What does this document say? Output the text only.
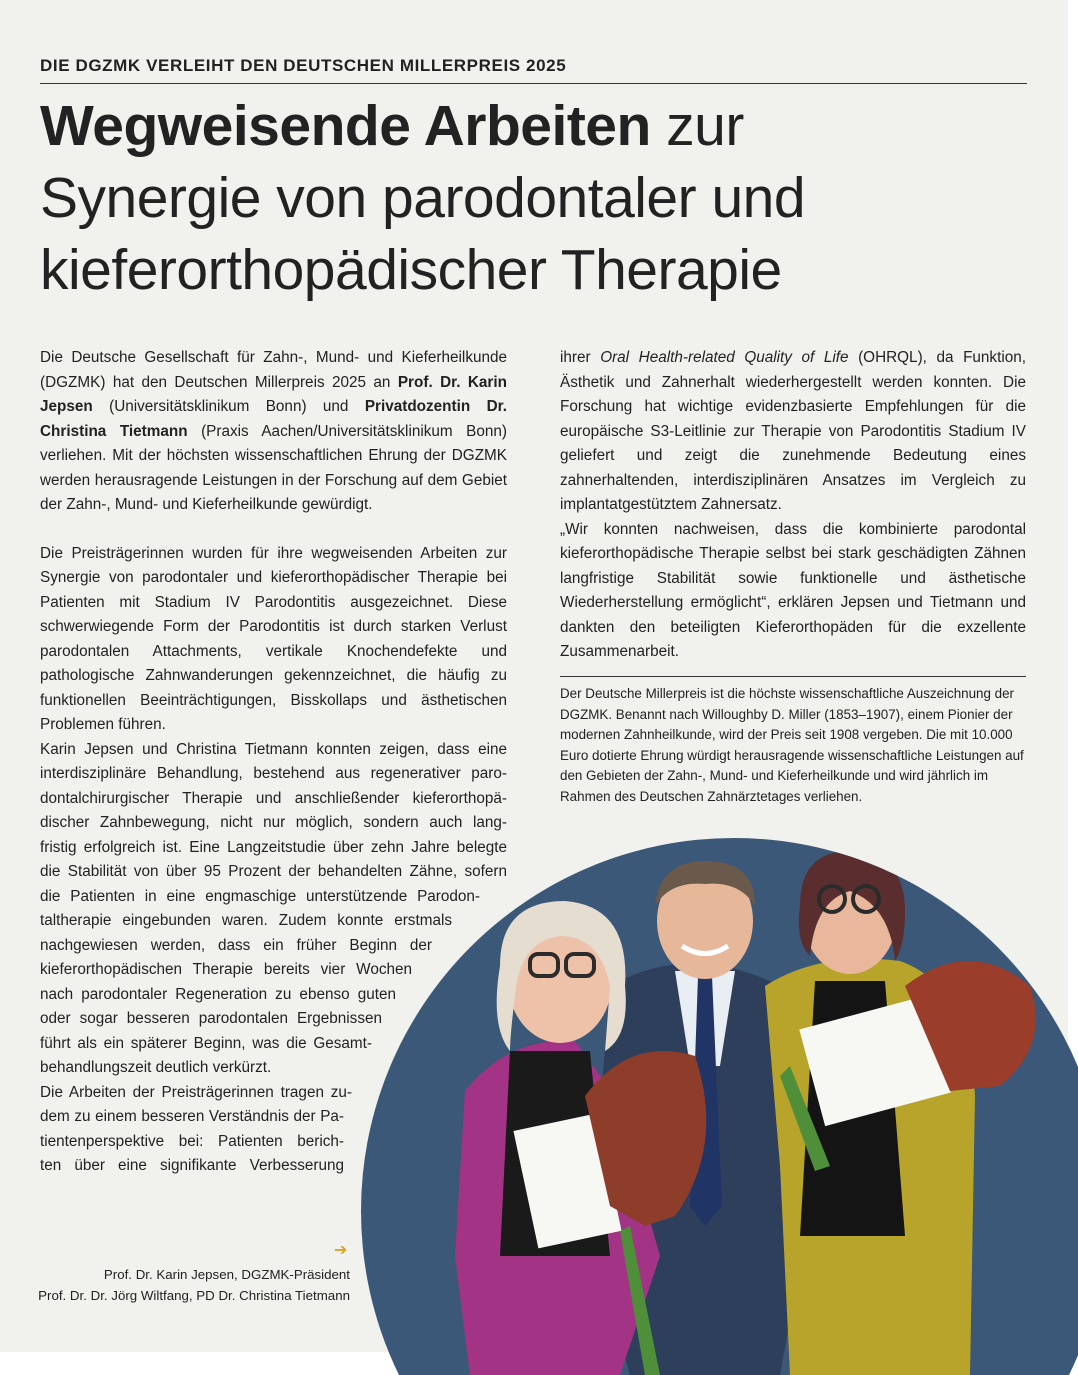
DIE DGZMK VERLEIHT DEN DEUTSCHEN MILLERPREIS 2025
Wegweisende Arbeiten zur
Synergie von parodontaler und
kieferorthopädischer Therapie

Die Deutsche Gesellschaft für Zahn-, Mund- und Kieferheilkunde (DGZMK) hat den Deutschen Millerpreis 2025 an Prof. Dr. Karin Jepsen (Universitätsklinikum Bonn) und Privatdozentin Dr. Christina Tietmann (Praxis Aachen/Universitätsklinikum Bonn) verliehen. Mit der höchsten wissenschaftlichen Ehrung der DGZMK werden herausragende Leistungen in der Forschung auf dem Gebiet der Zahn-, Mund- und Kieferheilkunde gewürdigt.

Die Preisträgerinnen wurden für ihre wegweisenden Arbeiten zur Synergie von parodontaler und kieferorthopädischer Therapie bei Patienten mit Stadium IV Parodontitis ausgezeichnet. Diese schwerwiegende Form der Parodontitis ist durch starken Verlust parodontalen Attachments, vertikale Knochendefekte und pathologische Zahnwanderungen gekennzeichnet, die häufig zu funktionellen Beeinträchtigungen, Bisskollaps und ästhetischen Problemen führen.

Karin Jepsen und Christina Tietmann konnten zeigen, dass eine
interdisziplinäre Behandlung, bestehend aus regenerativer paro-
dontalchirurgischer Therapie und anschließender kieferorthopä-
discher Zahnbewegung, nicht nur möglich, sondern auch lang-
fristig erfolgreich ist. Eine Langzeitstudie über zehn Jahre belegte
die Stabilität von über 95 Prozent der behandelten Zähne, sofern
die Patienten in eine engmaschige unterstützende Parodon-
taltherapie eingebunden waren. Zudem konnte erstmals
nachgewiesen werden, dass ein früher Beginn der
kieferorthopädischen Therapie bereits vier Wochen
nach parodontaler Regeneration zu ebenso guten
oder sogar besseren parodontalen Ergebnissen
führt als ein späterer Beginn, was die Gesamt-
behandlungszeit deutlich verkürzt.
Die Arbeiten der Preisträgerinnen tragen zu-
dem zu einem besseren Verständnis der Pa-
tientenperspektive bei: Patienten berich-
ten über eine signifikante Verbesserung

ihrer Oral Health-related Quality of Life (OHRQL), da Funktion, Ästhetik und Zahnerhalt wiederhergestellt werden konnten. Die Forschung hat wichtige evidenzbasierte Empfehlungen für die europäische S3-Leitlinie zur Therapie von Parodontitis Stadium IV geliefert und zeigt die zunehmende Bedeutung eines zahnerhaltenden, interdisziplinären Ansatzes im Vergleich zu implantatgestütztem Zahnersatz.

„Wir konnten nachweisen, dass die kombinierte parodontal kieferorthopädische Therapie selbst bei stark geschädigten Zähnen langfristige Stabilität sowie funktionelle und ästhetische Wiederherstellung ermöglicht“, erklären Jepsen und Tietmann und dankten den beteiligten Kieferorthopäden für die exzellente Zusammenarbeit.

Der Deutsche Millerpreis ist die höchste wissenschaftliche Auszeichnung der DGZMK. Benannt nach Willoughby D. Miller (1853–1907), einem Pionier der modernen Zahnheilkunde, wird der Preis seit 1908 vergeben. Die mit 10.000 Euro dotierte Ehrung würdigt herausragende wissenschaftliche Leistungen auf den Gebieten der Zahn-, Mund- und Kieferheilkunde und wird jährlich im Rahmen des Deutschen Zahnärztetages verliehen.
➔
Prof. Dr. Karin Jepsen, DGZMK-Präsident
Prof. Dr. Dr. Jörg Wiltfang, PD Dr. Christina Tietmann
